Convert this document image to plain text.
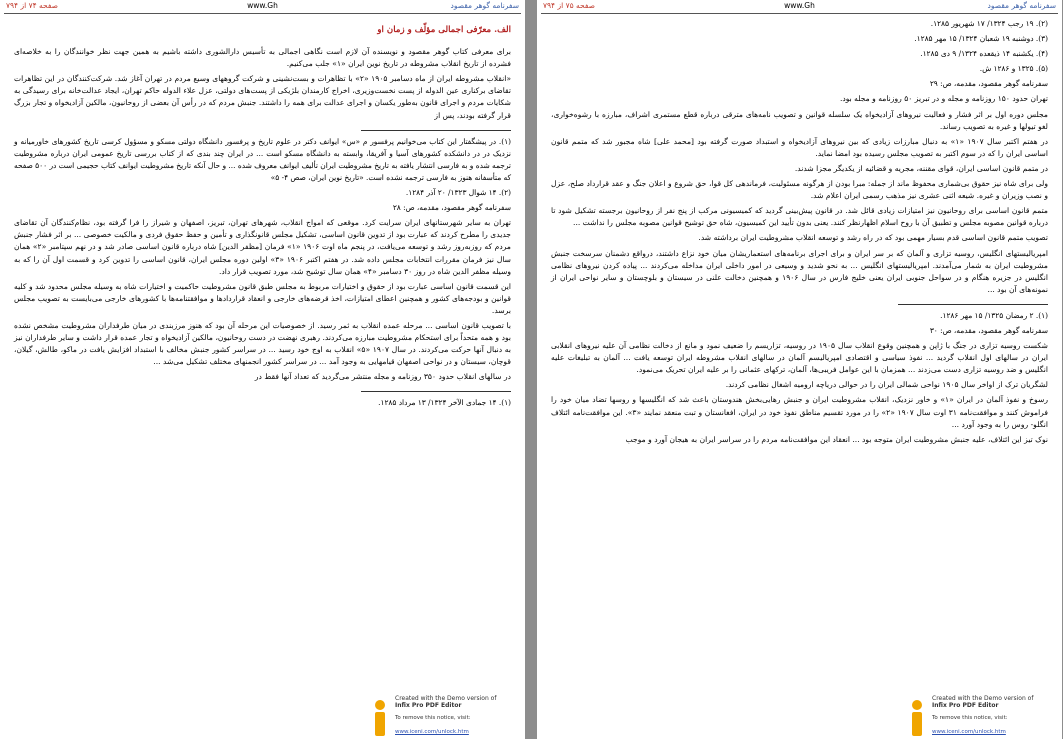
صفحه ۷۴ از ۷۹۴	www.Gh	سفرنامه گوهر مقصود

الف. معرّفی اجمالی مؤلّف و زمان او

برای معرفی کتاب گوهر مقصود و نویسنده آن لازم است نگاهی اجمالی به تأسیس دارالشوری داشته باشیم به همین جهت نظر خوانندگان را به خلاصه‌ای فشرده از تاریخ انقلاب مشروطه در تاریخ نوین ایران «۱» جلب می‌کنیم.

«انقلاب مشروطه ایران از ماه دسامبر ۱۹۰۵ «۲» با تظاهرات و بست‌نشینی و شرکت گروههای وسیع مردم در تهران آغاز شد. شرکت‌کنندگان در این تظاهرات تقاضای برکناری عین الدوله از پست نخست‌وزیری، اخراج کارمندان بلژیکی از پست‌های دولتی، عزل علاء الدوله حاکم تهران، ایجاد عدالت‌خانه برای رسیدگی به شکایات مردم و اجرای قانون به‌طور یکسان و اجرای عدالت برای همه را داشتند. جنبش مردم که در رأس آن بعضی از روحانیون، مالکین آزادیخواه و تجار بزرگ قرار گرفته بودند، پس از

(۱). در پیشگفتار این کتاب می‌خوانیم پرفسور م «س» ایوانف دکتر در علوم تاریخ و پرفسور دانشگاه دولتی مسکو و مسؤول کرسی تاریخ کشورهای خاورمیانه و نزدیک در در دانشکده کشورهای آسیا و آفریقا، وابسته به دانشگاه مسکو است ... در ایران چند بندی که از کتاب بررسی تاریخ عمومی ایران درباره مشروطیت ترجمه شده و به فارسی انتشار یافته به تاریخ مشروطیت ایران تألیف ایوانف معروف شده ... و حال آنکه تاریخ مشروطیت ایوانف کتاب حجیمی است در ۵۰۰ صفحه که متأسفانه هنوز به فارسی ترجمه نشده است. «تاریخ نوین ایران، صص ۴- ۵»

(۲). ۱۴ شوال ۱۳۲۳/ ۲۰ آذر ۱۲۸۴.

سفرنامه گوهر مقصود، مقدمه، ص: ۲۸

تهران به سایر شهرستانهای ایران سرایت کرد. موقعی که امواج انقلاب، شهرهای تهران، تبریز، اصفهان و شیراز را فرا گرفته بود، نظام‌کنندگان آن تقاضای جدیدی را مطرح کردند که عبارت بود از تدوین قانون اساسی، تشکیل مجلس قانونگذاری و تأمین و حفظ حقوق فردی و مالکیت خصوصی ... بر اثر فشار جنبش مردم که روزبه‌روز رشد و توسعه می‌یافت، در پنجم ماه اوت ۱۹۰۶ «۱» فرمان [مظفر الدین] شاه درباره قانون اساسی صادر شد و در نهم سپتامبر «۲» همان سال نیز فرمان مقررات انتخابات مجلس داده شد. در هفتم اکتبر ۱۹۰۶ «۳» اولین دوره مجلس ایران، قانون اساسی را تدوین کرد و قسمت اول آن را که به وسیله مظفر الدین شاه در روز ۳۰ دسامبر «۴» همان سال توشیح شد، مورد تصویب قرار داد.

این قسمت قانون اساسی عبارت بود از حقوق و اختیارات مربوط به مجلس طبق قانون مشروطیت حاکمیت و اختیارات شاه به وسیله مجلس محدود شد و کلیه قوانین و بودجه‌های کشور و همچنین اعطای امتیازات، اخذ قرضه‌های خارجی و انعقاد قراردادها و موافقتنامه‌ها با کشورهای خارجی می‌بایست به تصویب مجلس برسد.

با تصویب قانون اساسی ... مرحله عمده انقلاب به ثمر رسید. از خصوصیات این مرحله آن بود که هنوز مرزبندی در میان طرفداران مشروطیت مشخص نشده بود و همه متحداً برای استحکام مشروطیت مبارزه می‌کردند. رهبری نهضت در دست روحانیون، مالکین آزادیخواه و تجار عمده قرار داشت و سایر طرفداران نیز به دنبال آنها حرکت می‌کردند. در سال ۱۹۰۷ «۵» انقلاب به اوج خود رسید ... در سراسر کشور جنبش مخالف با استبداد افزایش یافت در ماکو، طالش، گیلان، قوچان، سیستان و در نواحی اصفهان قیامهایی به وجود آمد ... در سراسر کشور انجمنهای مختلف تشکیل می‌شد ...

در سالهای انقلاب حدود ۳۵۰ روزنامه و مجله منتشر می‌گردید که تعداد آنها فقط در

(۱). ۱۴ جمادی الآخر ۱۳۲۴/ ۱۳ مرداد ۱۲۸۵.

Created with the Demo version of
Infix Pro PDF Editor
To remove this notice, visit:
www.iceni.com/unlock.htm
صفحه ۷۵ از ۷۹۴	www.Gh	سفرنامه گوهر مقصود

(۲). ۱۹ رجب ۱۳۲۴/ ۱۷ شهریور ۱۲۸۵.

(۳). دوشنبه ۱۹ شعبان ۱۳۲۴/ ۱۵ مهر ۱۲۸۵.

(۴). یکشنبه ۱۴ ذیقعده ۱۳۲۴/ ۹ دی ۱۲۸۵.

(۵). ۱۳۲۵ و ۱۲۸۶ ش.

سفرنامه گوهر مقصود، مقدمه، ص: ۲۹

تهران حدود ۱۵۰ روزنامه و مجله و در تبریز ۵۰ روزنامه و مجله بود.

مجلس دوره اول بر اثر فشار و فعالیت نیروهای آزادیخواه یک سلسله قوانین و تصویب نامه‌های مترقی درباره قطع مستمری اشراف، مبارزه با رشوه‌خواری، لغو تیولها و غیره به تصویب رساند.

در هفتم اکتبر سال ۱۹۰۷ «۱» به دنبال مبارزات زیادی که بین نیروهای آزادیخواه و استبداد صورت گرفته بود [محمد علی] شاه مجبور شد که متمم قانون اساسی ایران را که در سوم اکتبر به تصویب مجلس رسیده بود امضا نماید.

در متمم قانون اساسی ایران، قوای مقننه، مجریه و قضائیه از یکدیگر مجزا شدند.

ولی برای شاه نیز حقوق بی‌شماری محفوظ ماند از جمله: مبرا بودن از هرگونه مسئولیت، فرماندهی کل قوا، حق شروع و اعلان جنگ و عقد قرارداد صلح، عزل و نصب وزیران و غیره. شیعه اثنی عشری نیز مذهب رسمی ایران اعلام شد.

متمم قانون اساسی برای روحانیون نیز امتیازات زیادی قائل شد. در قانون پیش‌بینی گردید که کمیسیونی مرکب از پنج نفر از روحانیون برجسته تشکیل شود تا درباره قوانین مصوبه مجلس و تطبیق آن با روح اسلام اظهارنظر کنند. یعنی بدون تأیید این کمیسیون، شاه حق توشیح قوانین مصوبه مجلس را نداشت ...

تصویب متمم قانون اساسی قدم بسیار مهمی بود که در راه رشد و توسعه انقلاب مشروطیت ایران برداشته شد.

امپریالیستهای انگلیس، روسیه تزاری و آلمان که بر سر ایران و برای اجرای برنامه‌های استعماریشان میان خود نزاع داشتند، درواقع دشمنان سرسخت جنبش مشروطیت ایران به شمار می‌آمدند. امپریالیستهای انگلیس ... به نحو شدید و وسیعی در امور داخلی ایران مداخله می‌کردند ... پیاده کردن نیروهای نظامی انگلیس در جزیره هنگام و در سواحل جنوبی ایران یعنی خلیج فارس در سال ۱۹۰۶ و همچنین دخالت علنی در سیستان و بلوچستان و سایر نواحی ایران از نمونه‌های آن بود ...

(۱). ۲ رمضان ۱۳۲۵/ ۱۵ مهر ۱۲۸۶.

سفرنامه گوهر مقصود، مقدمه، ص: ۳۰

شکست روسیه تزاری در جنگ با ژاپن و همچنین وقوع انقلاب سال ۱۹۰۵ در روسیه، تزاریسم را ضعیف نمود و مانع از دخالت نظامی آن علیه نیروهای انقلابی ایران در سالهای اول انقلاب گردید ... نفوذ سیاسی و اقتصادی امپریالیسم آلمان در سالهای انقلاب مشروطه ایران توسعه یافت ... آلمان به تبلیغات علیه انگلیس و ضد روسیه تزاری دست می‌زدند ... همزمان با این عوامل فریبی‌ها، آلمان، ترکهای عثمانی را بر علیه ایران تحریک می‌نمود.

لشگریان ترک از اواخر سال ۱۹۰۵ نواحی شمالی ایران را در حوالی دریاچه ارومیه اشغال نظامی کردند.

رسوخ و نفوذ آلمان در ایران «۱» و خاور نزدیک، انقلاب مشروطیت ایران و جنبش رهایی‌بخش هندوستان باعث شد که انگلیسها و روسها تضاد میان خود را فراموش کنند و موافقت‌نامه ۳۱ اوت سال ۱۹۰۷ «۲» را در مورد تقسیم مناطق نفوذ خود در ایران، افغانستان و تبت منعقد نمایند «۳». این موافقت‌نامه ائتلاف انگلو- روس را به وجود آورد ...

نوک تیز این ائتلاف، علیه جنبش مشروطیت ایران متوجه بود ... انعقاد این موافقت‌نامه مردم را در سراسر ایران به هیجان آورد و موجب

Created with the Demo version of
Infix Pro PDF Editor
To remove this notice, visit:
www.iceni.com/unlock.htm
